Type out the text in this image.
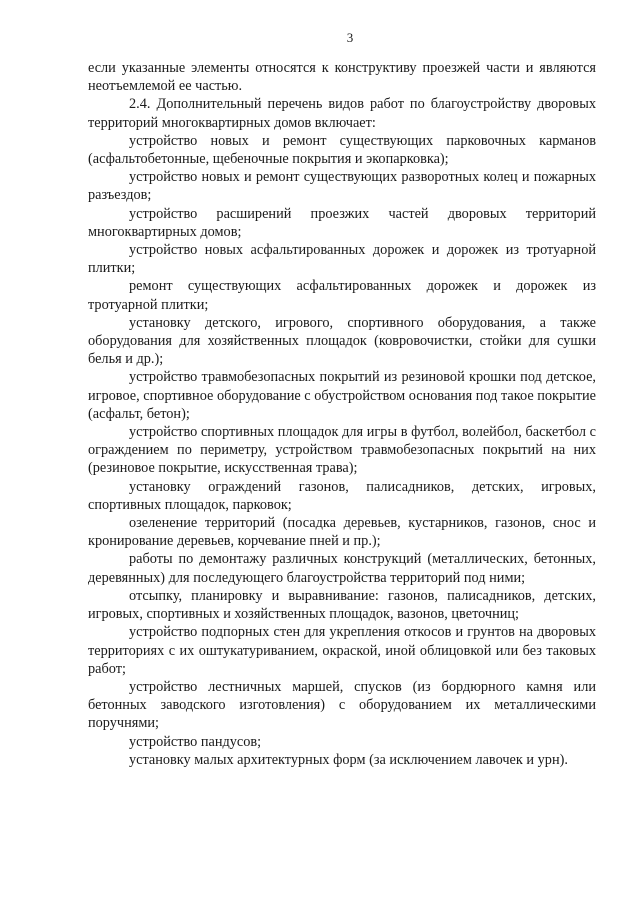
3

если указанные элементы относятся к конструктиву проезжей части и являются неотъемлемой ее частью.

2.4. Дополнительный перечень видов работ по благоустройству дворовых территорий многоквартирных домов включает:

устройство новых и ремонт существующих парковочных карманов (асфальтобетонные, щебеночные покрытия и экопарковка);

устройство новых и ремонт существующих разворотных колец и пожарных разъездов;

устройство расширений проезжих частей дворовых территорий многоквартирных домов;

устройство новых асфальтированных дорожек и дорожек из тротуарной плитки;

ремонт существующих асфальтированных дорожек и дорожек из тротуарной плитки;

установку детского, игрового, спортивного оборудования, а также оборудования для хозяйственных площадок (ковровочистки, стойки для сушки белья и др.);

устройство травмобезопасных покрытий из резиновой крошки под детское, игровое, спортивное оборудование с обустройством основания под такое покрытие (асфальт, бетон);

устройство спортивных площадок для игры в футбол, волейбол, баскетбол с ограждением по периметру, устройством травмобезопасных покрытий на них (резиновое покрытие, искусственная трава);

установку ограждений газонов, палисадников, детских, игровых, спортивных площадок, парковок;

озеленение территорий (посадка деревьев, кустарников, газонов, снос и кронирование деревьев, корчевание пней и пр.);

работы по демонтажу различных конструкций (металлических, бетонных, деревянных) для последующего благоустройства территорий под ними;

отсыпку, планировку и выравнивание: газонов, палисадников, детских, игровых, спортивных и хозяйственных площадок, вазонов, цветочниц;

устройство подпорных стен для укрепления откосов и грунтов на дворовых территориях с их оштукатуриванием, окраской, иной облицовкой или без таковых работ;

устройство лестничных маршей, спусков (из бордюрного камня или бетонных заводского изготовления) с оборудованием их металлическими поручнями;

устройство пандусов;

установку малых архитектурных форм (за исключением лавочек и урн).
